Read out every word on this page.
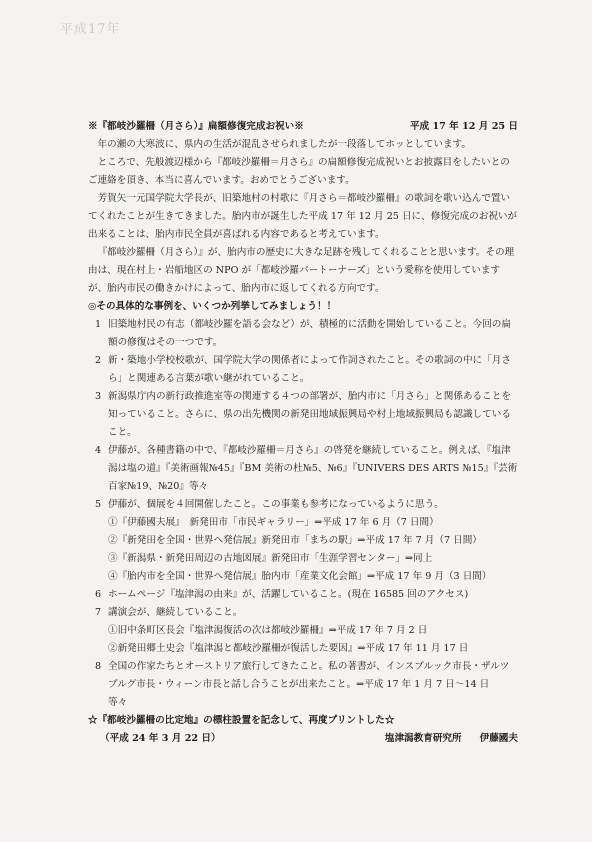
平成17年
※『都岐沙羅柵（月さら）』扁額修復完成お祝い※	平成 17 年 12 月 25 日
年の瀬の大寒波に、県内の生活が混乱させられましたが一段落してホッとしています。
ところで、先般渡辺様から『都岐沙羅柵＝月さら』の扁額修復完成祝いとお披露目をしたいとのご連絡を頂き、本当に喜んでいます。おめでとうございます。
芳賀矢一元国学院大学長が、旧築地村の村歌に『月さら＝都岐沙羅柵』の歌詞を歌い込んで置いてくれたことが生きてきました。胎内市が誕生した平成 17 年 12 月 25 日に、修復完成のお祝いが出来ることは、胎内市民全員が喜ばれる内容であると考えています。
『都岐沙羅柵（月さら）』が、胎内市の歴史に大きな足跡を残してくれることと思います。その理由は、現在村上・岩船地区の NPO が「都岐沙羅パートーナーズ」という愛称を使用していますが、胎内市民の働きかけによって、胎内市に返してくれる方向です。
◎その具体的な事例を、いくつか列挙してみましょう！！
1 旧築地村民の有志（都岐沙羅を語る会など）が、積極的に活動を開始していること。今回の扁額の修復はその一つです。
2 新・築地小学校校歌が、国学院大学の関係者によって作詞されたこと。その歌詞の中に「月さら」と関連ある言葉が歌い継がれていること。
3 新潟県庁内の新行政推進室等の関連する４つの部署が、胎内市に「月さら」と関係あることを知っていること。さらに、県の出先機関の新発田地域振興局や村上地域振興局も認識していること。
4 伊藤が、各種書籍の中で、『都岐沙羅柵＝月さら』の啓発を継続していること。例えば、『塩津潟は塩の道』『美術画報№45』『BM 美術の杜№5、№6』『UNIVERS DES ARTS №15』『芸術百家№19、№20』等々
5 伊藤が、個展を４回開催したこと。この事業も参考になっているように思う。
①『伊藤國夫展』　新発田市「市民ギャラリー」⇒平成 17 年 6 月（7 日間）
②『新発田を全国・世界へ発信展』新発田市「まちの駅」⇒平成 17 年 7 月（7 日間）
③『新潟県・新発田周辺の古地図展』新発田市「生涯学習センター」⇒同上
④『胎内市を全国・世界へ発信展』胎内市「産業文化会館」⇒平成 17 年 9 月（3 日間）
6 ホームページ『塩津潟の由来』が、活躍していること。(現在 16585 回のアクセス)
7 講演会が、継続していること。
①旧中条町区長会『塩津潟復活の次は都岐沙羅柵』⇒平成 17 年 7 月 2 日
②新発田郷土史会『塩津潟と都岐沙羅柵が復活した要因』⇒平成 17 年 11 月 17 日
8 全国の作家たちとオーストリア旅行してきたこと。私の著書が、インスブルック市長・ザルツブルグ市長・ウィーン市長と話し合うことが出来たこと。⇒平成 17 年 1 月 7 日～14 日　　等々
☆『都岐沙羅柵の比定地』の標柱設置を記念して、再度プリントした☆
（平成 24 年 3 月 22 日）	塩津潟教育研究所 伊藤國夫
